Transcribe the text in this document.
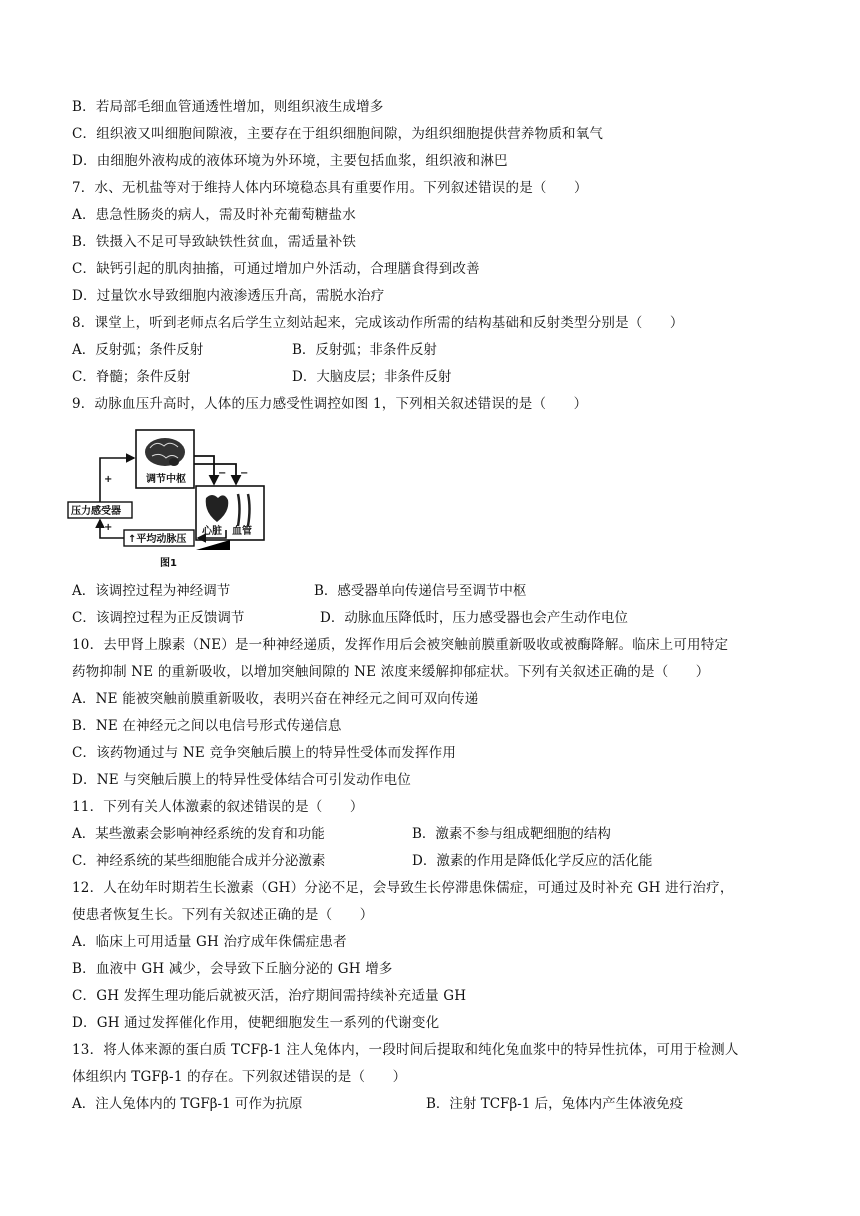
B．若局部毛细血管通透性增加，则组织液生成增多
C．组织液又叫细胞间隙液，主要存在于组织细胞间隙，为组织细胞提供营养物质和氧气
D．由细胞外液构成的液体环境为外环境，主要包括血浆，组织液和淋巴
7．水、无机盐等对于维持人体内环境稳态具有重要作用。下列叙述错误的是（　　）
A．患急性肠炎的病人，需及时补充葡萄糖盐水
B．铁摄入不足可导致缺铁性贫血，需适量补铁
C．缺钙引起的肌肉抽搐，可通过增加户外活动，合理膳食得到改善
D．过量饮水导致细胞内液渗透压升高，需脱水治疗
8．课堂上，听到老师点名后学生立刻站起来，完成该动作所需的结构基础和反射类型分别是（　　）
A．反射弧；条件反射	B．反射弧；非条件反射
C．脊髓；条件反射	D．大脑皮层；非条件反射
9．动脉血压升高时，人体的压力感受性调控如图 1，下列相关叙述错误的是（　　）
调节中枢
心脏 血管
− −
↑平均动脉压
压力感受器
+
+
图1
A．该调控过程为神经调节	B．感受器单向传递信号至调节中枢
C．该调控过程为正反馈调节	D．动脉血压降低时，压力感受器也会产生动作电位
10．去甲肾上腺素（NE）是一种神经递质，发挥作用后会被突触前膜重新吸收或被酶降解。临床上可用特定
药物抑制 NE 的重新吸收，以增加突触间隙的 NE 浓度来缓解抑郁症状。下列有关叙述正确的是（　　）
A．NE 能被突触前膜重新吸收，表明兴奋在神经元之间可双向传递
B．NE 在神经元之间以电信号形式传递信息
C．该药物通过与 NE 竞争突触后膜上的特异性受体而发挥作用
D．NE 与突触后膜上的特异性受体结合可引发动作电位
11．下列有关人体激素的叙述错误的是（　　）
A．某些激素会影响神经系统的发育和功能	B．激素不参与组成靶细胞的结构
C．神经系统的某些细胞能合成并分泌激素	D．激素的作用是降低化学反应的活化能
12．人在幼年时期若生长激素（GH）分泌不足，会导致生长停滞患侏儒症，可通过及时补充 GH 进行治疗，
使患者恢复生长。下列有关叙述正确的是（　　）
A．临床上可用适量 GH 治疗成年侏儒症患者
B．血液中 GH 减少，会导致下丘脑分泌的 GH 增多
C．GH 发挥生理功能后就被灭活，治疗期间需持续补充适量 GH
D．GH 通过发挥催化作用，使靶细胞发生一系列的代谢变化
13．将人体来源的蛋白质 TCFβ-1 注人兔体内，一段时间后提取和纯化兔血浆中的特异性抗体，可用于检测人
体组织内 TGFβ-1 的存在。下列叙述错误的是（　　）
A．注人兔体内的 TGFβ-1 可作为抗原	B．注射 TCFβ-1 后，兔体内产生体液免疫
